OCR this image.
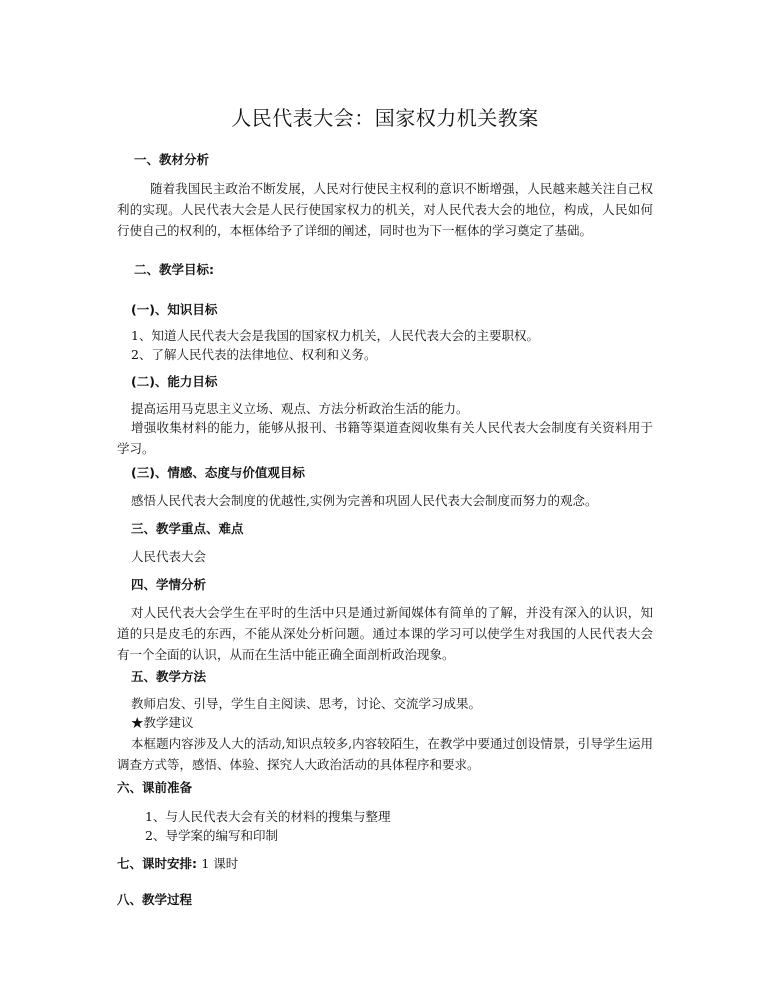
人民代表大会：国家权力机关教案
一、教材分析
随着我国民主政治不断发展，人民对行使民主权利的意识不断增强，人民越来越关注自己权利的实现。人民代表大会是人民行使国家权力的机关，对人民代表大会的地位，构成，人民如何行使自己的权利的，本框体给予了详细的阐述，同时也为下一框体的学习奠定了基础。
二、教学目标:
(一)、知识目标
1、知道人民代表大会是我国的国家权力机关，人民代表大会的主要职权。
2、了解人民代表的法律地位、权利和义务。
(二)、能力目标
提高运用马克思主义立场、观点、方法分析政治生活的能力。
增强收集材料的能力，能够从报刊、书籍等渠道查阅收集有关人民代表大会制度有关资料用于学习。
(三)、情感、态度与价值观目标
感悟人民代表大会制度的优越性,实例为完善和巩固人民代表大会制度而努力的观念。
三、教学重点、难点
人民代表大会
四、学情分析
对人民代表大会学生在平时的生活中只是通过新闻媒体有简单的了解，并没有深入的认识，知道的只是皮毛的东西，不能从深处分析问题。通过本课的学习可以使学生对我国的人民代表大会有一个全面的认识，从而在生活中能正确全面剖析政治现象。
五、教学方法
教师启发、引导，学生自主阅读、思考，讨论、交流学习成果。
★教学建议
本框题内容涉及人大的活动,知识点较多,内容较陌生，在教学中要通过创设情景，引导学生运用调查方式等，感悟、体验、探究人大政治活动的具体程序和要求。
六、课前准备
1、与人民代表大会有关的材料的搜集与整理
2、导学案的编写和印制
七、课时安排: 1 课时
八、教学过程
